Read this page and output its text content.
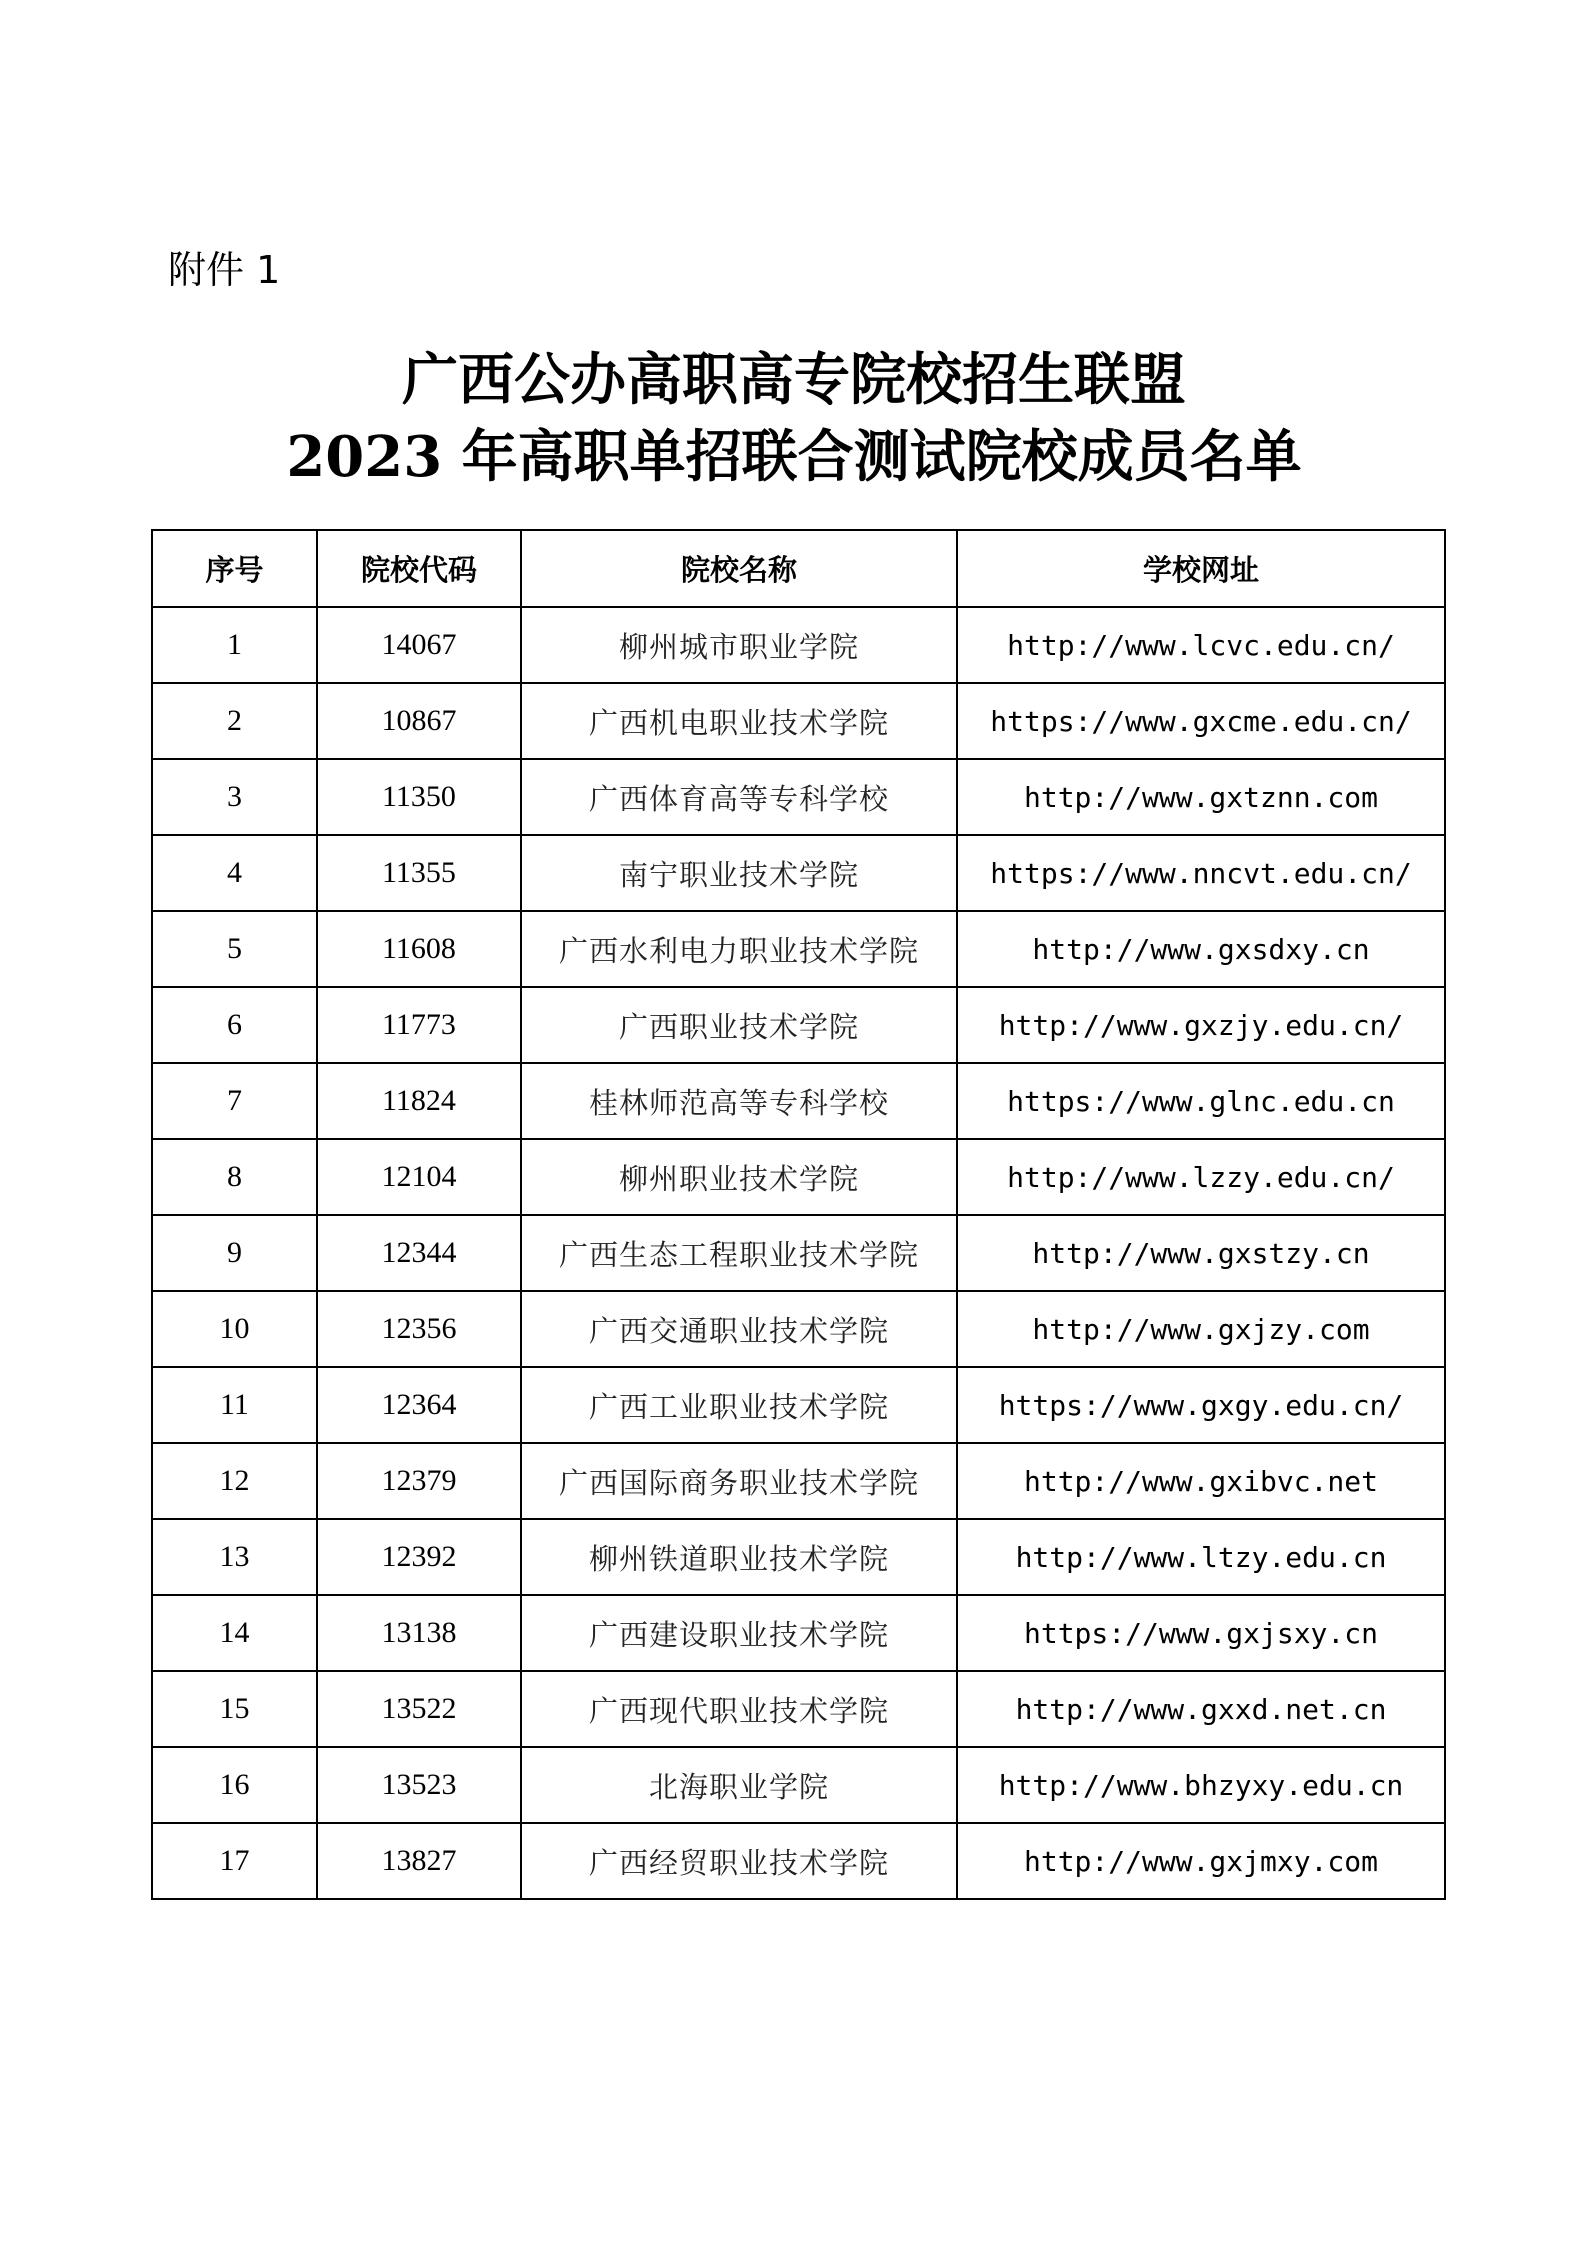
附件 1
广西公办高职高专院校招生联盟
2023 年高职单招联合测试院校成员名单
序号	院校代码	院校名称	学校网址
1	14067	柳州城市职业学院	http://www.lcvc.edu.cn/
2	10867	广西机电职业技术学院	https://www.gxcme.edu.cn/
3	11350	广西体育高等专科学校	http://www.gxtznn.com
4	11355	南宁职业技术学院	https://www.nncvt.edu.cn/
5	11608	广西水利电力职业技术学院	http://www.gxsdxy.cn
6	11773	广西职业技术学院	http://www.gxzjy.edu.cn/
7	11824	桂林师范高等专科学校	https://www.glnc.edu.cn
8	12104	柳州职业技术学院	http://www.lzzy.edu.cn/
9	12344	广西生态工程职业技术学院	http://www.gxstzy.cn
10	12356	广西交通职业技术学院	http://www.gxjzy.com
11	12364	广西工业职业技术学院	https://www.gxgy.edu.cn/
12	12379	广西国际商务职业技术学院	http://www.gxibvc.net
13	12392	柳州铁道职业技术学院	http://www.ltzy.edu.cn
14	13138	广西建设职业技术学院	https://www.gxjsxy.cn
15	13522	广西现代职业技术学院	http://www.gxxd.net.cn
16	13523	北海职业学院	http://www.bhzyxy.edu.cn
17	13827	广西经贸职业技术学院	http://www.gxjmxy.com
